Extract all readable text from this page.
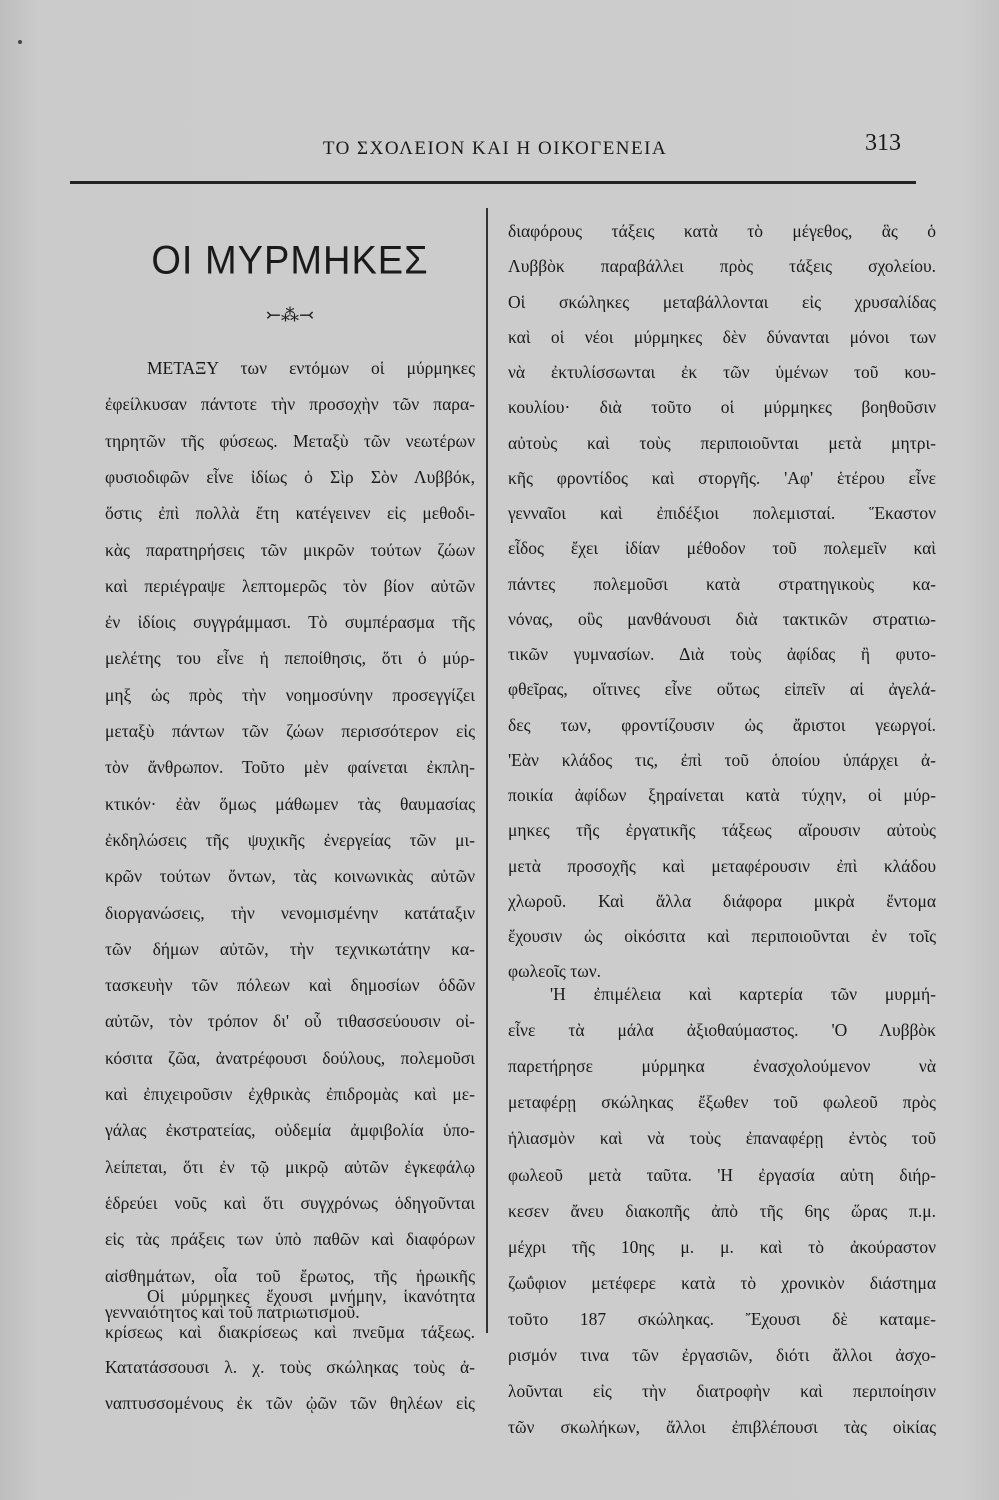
ΤΟ ΣΧΟΛΕΙΟΝ ΚΑΙ Η ΟΙΚΟΓΕΝΕΙΑ	313
ΟΙ ΜΥΡΜΗΚΕΣ
⤚⁂⤙
ΜΕΤΑΞΥ των εντόμων οἱ μύρμηκες
ἐφείλκυσαν πάντοτε τὴν προσοχὴν τῶν παρα-
τηρητῶν τῆς φύσεως. Μεταξὺ τῶν νεωτέρων
φυσιοδιφῶν εἶνε ἰδίως ὁ Σὶρ Σὸν Λυββόκ,
ὅστις ἐπὶ πολλὰ ἔτη κατέγεινεν εἰς μεθοδι-
κὰς παρατηρήσεις τῶν μικρῶν τούτων ζώων
καὶ περιέγραψε λεπτομερῶς τὸν βίον αὐτῶν
ἐν ἰδίοις συγγράμμασι. Τὸ συμπέρασμα τῆς
μελέτης του εἶνε ἡ πεποίθησις, ὅτι ὁ μύρ-
μηξ ὡς πρὸς τὴν νοημοσύνην προσεγγίζει
μεταξὺ πάντων τῶν ζώων περισσότερον εἰς
τὸν ἄνθρωπον. Τοῦτο μὲν φαίνεται ἐκπλη-
κτικόν· ἐὰν ὅμως μάθωμεν τὰς θαυμασίας
ἐκδηλώσεις τῆς ψυχικῆς ἐνεργείας τῶν μι-
κρῶν τούτων ὄντων, τὰς κοινωνικὰς αὐτῶν
διοργανώσεις, τὴν νενομισμένην κατάταξιν
τῶν δήμων αὐτῶν, τὴν τεχνικωτάτην κα-
τασκευὴν τῶν πόλεων καὶ δημοσίων ὁδῶν
αὐτῶν, τὸν τρόπον δι' οὗ τιθασσεύουσιν οἰ-
κόσιτα ζῶα, ἀνατρέφουσι δούλους, πολεμοῦσι
καὶ ἐπιχειροῦσιν ἐχθρικὰς ἐπιδρομὰς καὶ με-
γάλας ἐκστρατείας, οὐδεμία ἀμφιβολία ὑπο-
λείπεται, ὅτι ἐν τῷ μικρῷ αὐτῶν ἐγκεφάλῳ
ἑδρεύει νοῦς καὶ ὅτι συγχρόνως ὁδηγοῦνται
εἰς τὰς πράξεις των ὑπὸ παθῶν καὶ διαφόρων
αἰσθημάτων, οἷα τοῦ ἔρωτος, τῆς ἡρωικῆς
γενναιότητος καὶ τοῦ πατριωτισμοῦ.
Οἱ μύρμηκες ἔχουσι μνήμην, ἱκανότητα
κρίσεως καὶ διακρίσεως καὶ πνεῦμα τάξεως.
Κατατάσσουσι λ. χ. τοὺς σκώληκας τοὺς ἀ-
ναπτυσσομένους ἐκ τῶν ᾠῶν τῶν θηλέων εἰς
διαφόρους τάξεις κατὰ τὸ μέγεθος, ἃς ὁ
Λυββὸκ παραβάλλει πρὸς τάξεις σχολείου.
Οἱ σκώληκες μεταβάλλονται εἰς χρυσαλίδας
καὶ οἱ νέοι μύρμηκες δὲν δύνανται μόνοι των
νὰ ἐκτυλίσσωνται ἐκ τῶν ὑμένων τοῦ κου-
κουλίου· διὰ τοῦτο οἱ μύρμηκες βοηθοῦσιν
αὐτοὺς καὶ τοὺς περιποιοῦνται μετὰ μητρι-
κῆς φροντίδος καὶ στοργῆς. 'Αφ' ἑτέρου εἶνε
γενναῖοι καὶ ἐπιδέξιοι πολεμισταί. Ἕκαστον
εἶδος ἔχει ἰδίαν μέθοδον τοῦ πολεμεῖν καὶ
πάντες πολεμοῦσι κατὰ στρατηγικοὺς κα-
νόνας, οὓς μανθάνουσι διὰ τακτικῶν στρατιω-
τικῶν γυμνασίων. Διὰ τοὺς ἀφίδας ἢ φυτο-
φθεῖρας, οἵτινες εἶνε οὕτως εἰπεῖν αἱ ἀγελά-
δες των, φροντίζουσιν ὡς ἄριστοι γεωργοί.
'Εὰν κλάδος τις, ἐπὶ τοῦ ὁποίου ὑπάρχει ἀ-
ποικία ἀφίδων ξηραίνεται κατὰ τύχην, οἱ μύρ-
μηκες τῆς ἐργατικῆς τάξεως αἴρουσιν αὐτοὺς
μετὰ προσοχῆς καὶ μεταφέρουσιν ἐπὶ κλάδου
χλωροῦ. Καὶ ἄλλα διάφορα μικρὰ ἔντομα
ἔχουσιν ὡς οἰκόσιτα καὶ περιποιοῦνται ἐν τοῖς
φωλεοῖς των.
'Η ἐπιμέλεια καὶ καρτερία τῶν μυρμή-
εἶνε τὰ μάλα ἀξιοθαύμαστος. 'Ο Λυββὸκ
παρετήρησε μύρμηκα ἐνασχολούμενον νὰ
μεταφέρῃ σκώληκας ἔξωθεν τοῦ φωλεοῦ πρὸς
ἡλιασμὸν καὶ νὰ τοὺς ἐπαναφέρῃ ἐντὸς τοῦ
φωλεοῦ μετὰ ταῦτα. 'Η ἐργασία αὐτη διήρ-
κεσεν ἄνευ διακοπῆς ἀπὸ τῆς 6ης ὥρας π.μ.
μέχρι τῆς 10ης μ. μ. καὶ τὸ ἀκούραστον
ζωΰφιον μετέφερε κατὰ τὸ χρονικὸν διάστημα
τοῦτο 187 σκώληκας. Ἔχουσι δὲ καταμε-
ρισμόν τινα τῶν ἐργασιῶν, διότι ἄλλοι ἀσχο-
λοῦνται εἰς τὴν διατροφὴν καὶ περιποίησιν
τῶν σκωλήκων, ἄλλοι ἐπιβλέπουσι τὰς οἰκίας
